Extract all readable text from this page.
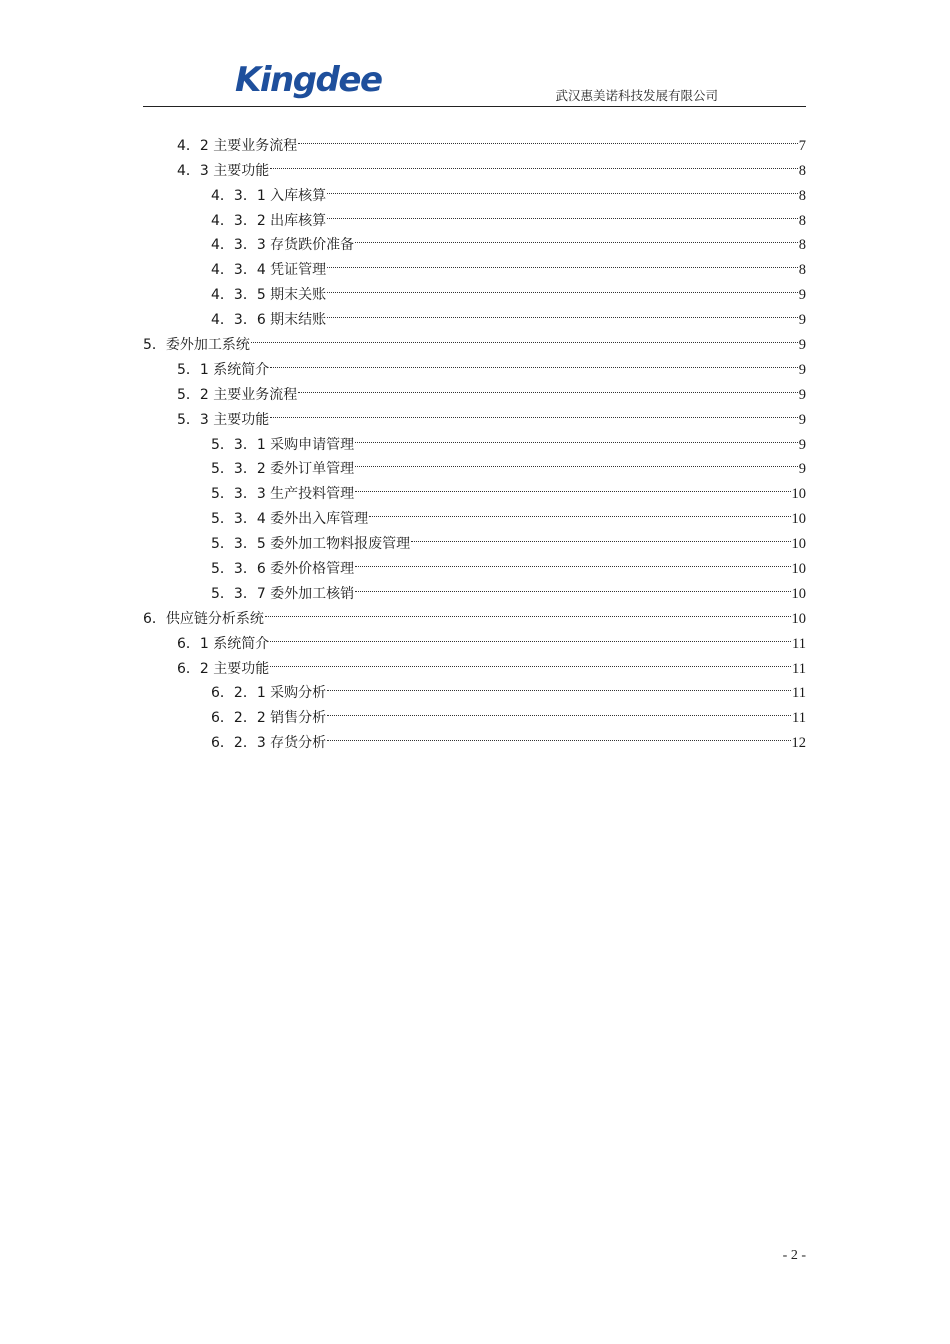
Kingdee	武汉惠美诺科技发展有限公司
4．2 主要业务流程	7
4．3 主要功能	8
4．3．1 入库核算	8
4．3．2 出库核算	8
4．3．3 存货跌价准备	8
4．3．4 凭证管理	8
4．3．5 期末关账	9
4．3．6 期末结账	9
5．委外加工系统	9
5．1 系统简介	9
5．2 主要业务流程	9
5．3 主要功能	9
5．3．1 采购申请管理	9
5．3．2 委外订单管理	9
5．3．3 生产投料管理	10
5．3．4 委外出入库管理	10
5．3．5 委外加工物料报废管理	10
5．3．6 委外价格管理	10
5．3．7 委外加工核销	10
6．供应链分析系统	10
6．1 系统简介	11
6．2 主要功能	11
6．2．1 采购分析	11
6．2．2 销售分析	11
6．2．3 存货分析	12
- 2 -
